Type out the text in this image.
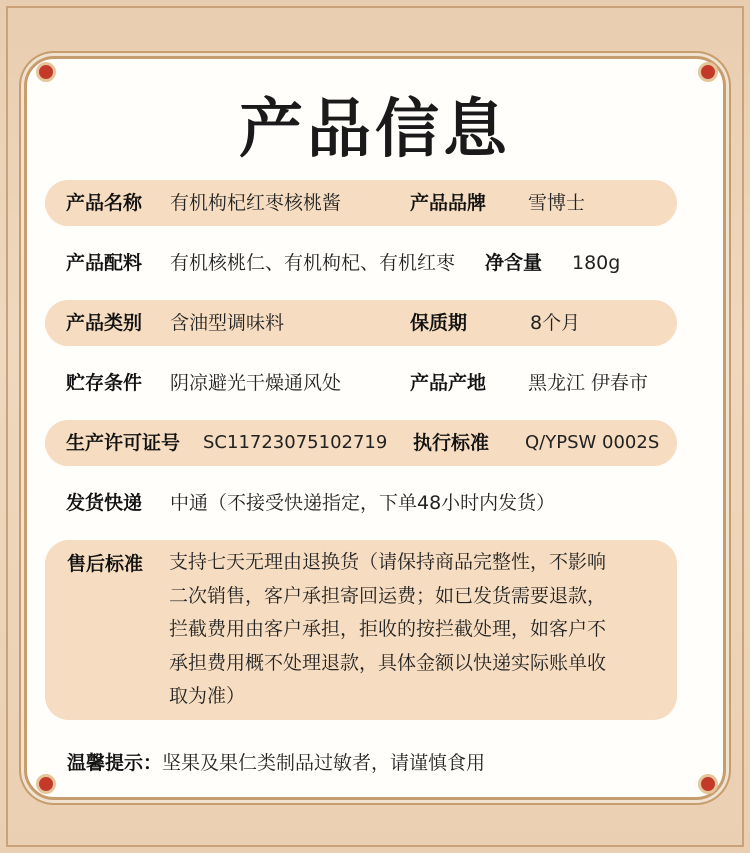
产品信息
产品名称 有机枸杞红枣核桃酱	产品品牌 雪博士
产品配料 有机核桃仁、有机枸杞、有机红枣 净含量 180g
产品类别 含油型调味料	保质期	8个月
贮存条件 阴凉避光干燥通风处	产品产地 黑龙江 伊春市
生产许可证号 SC11723075102719 执行标准 Q/YPSW 0002S
发货快递 中通（不接受快递指定，下单48小时内发货）
售后标准 支持七天无理由退换货（请保持商品完整性，不影响
二次销售，客户承担寄回运费；如已发货需要退款，
拦截费用由客户承担，拒收的按拦截处理，如客户不
承担费用概不处理退款，具体金额以快递实际账单收
取为准）
温馨提示：坚果及果仁类制品过敏者，请谨慎食用
